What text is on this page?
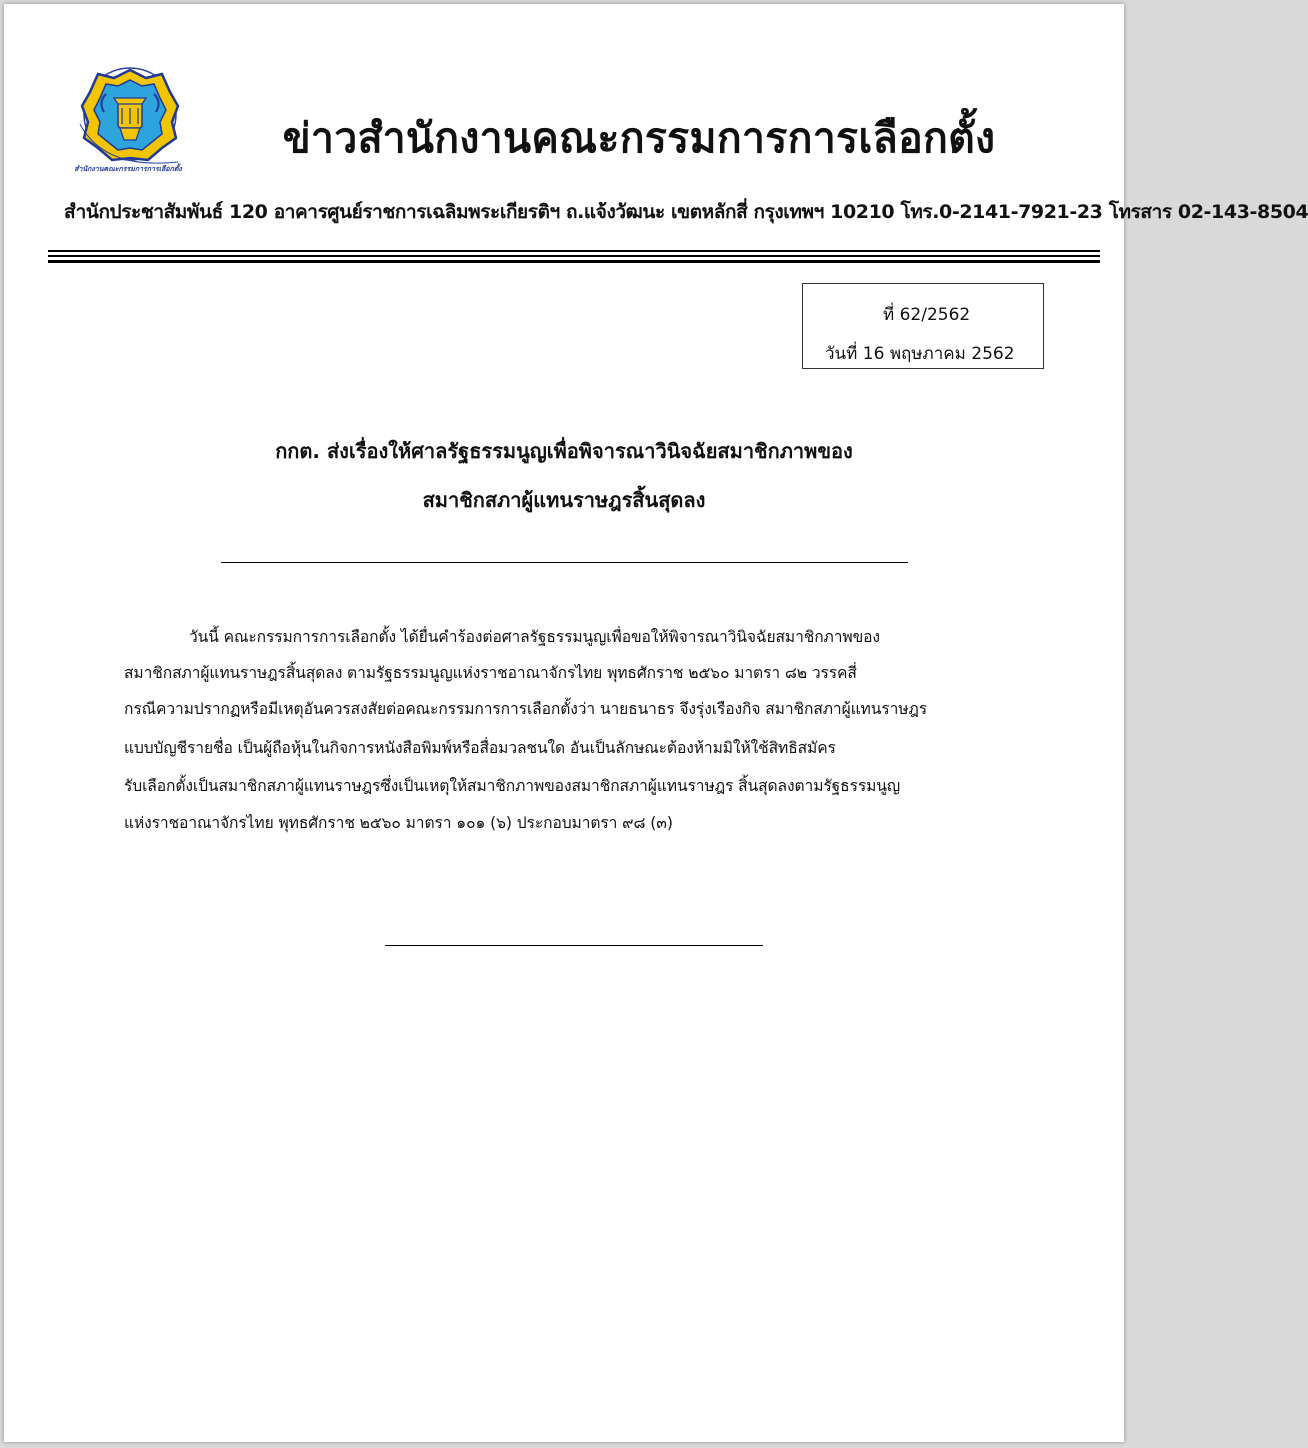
สำนักงานคณะกรรมการการเลือกตั้ง
ข่าวสำนักงานคณะกรรมการการเลือกตั้ง
สำนักประชาสัมพันธ์ 120 อาคารศูนย์ราชการเฉลิมพระเกียรติฯ ถ.แจ้งวัฒนะ เขตหลักสี่ กรุงเทพฯ 10210 โทร.0-2141-7921-23 โทรสาร 02-143-8504
ที่ 62/2562
วันที่ 16 พฤษภาคม 2562
กกต. ส่งเรื่องให้ศาลรัฐธรรมนูญเพื่อพิจารณาวินิจฉัยสมาชิกภาพของ
สมาชิกสภาผู้แทนราษฎรสิ้นสุดลง
วันนี้ คณะกรรมการการเลือกตั้ง ได้ยื่นคำร้องต่อศาลรัฐธรรมนูญเพื่อขอให้พิจารณาวินิจฉัยสมาชิกภาพของ
สมาชิกสภาผู้แทนราษฎรสิ้นสุดลง ตามรัฐธรรมนูญแห่งราชอาณาจักรไทย พุทธศักราช ๒๕๖๐ มาตรา ๘๒ วรรคสี่
กรณีความปรากฏหรือมีเหตุอันควรสงสัยต่อคณะกรรมการการเลือกตั้งว่า นายธนาธร จึงรุ่งเรืองกิจ สมาชิกสภาผู้แทนราษฎร
แบบบัญชีรายชื่อ เป็นผู้ถือหุ้นในกิจการหนังสือพิมพ์หรือสื่อมวลชนใด อันเป็นลักษณะต้องห้ามมิให้ใช้สิทธิสมัคร
รับเลือกตั้งเป็นสมาชิกสภาผู้แทนราษฎรซึ่งเป็นเหตุให้สมาชิกภาพของสมาชิกสภาผู้แทนราษฎร สิ้นสุดลงตามรัฐธรรมนูญ
แห่งราชอาณาจักรไทย พุทธศักราช ๒๕๖๐ มาตรา ๑๐๑ (๖) ประกอบมาตรา ๙๘ (๓)
